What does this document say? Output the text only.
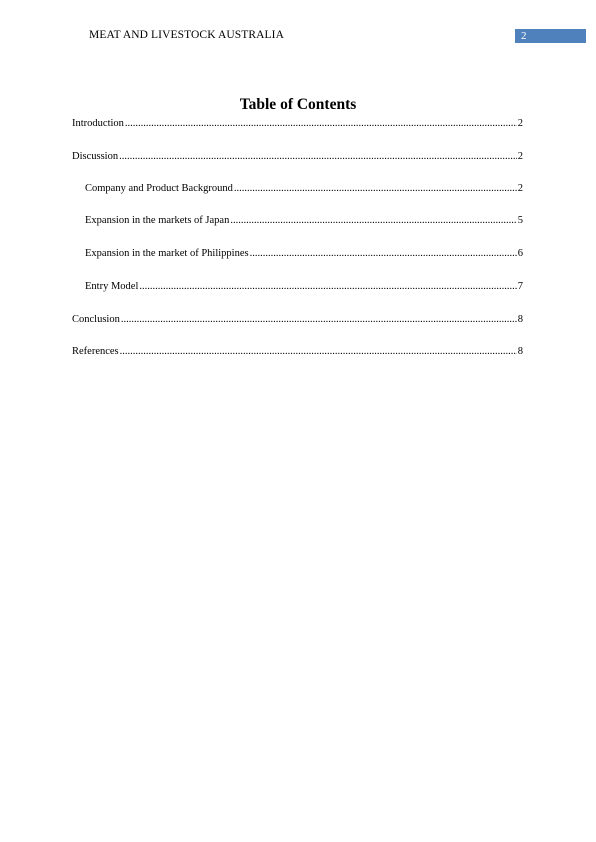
MEAT AND LIVESTOCK AUSTRALIA	2
Table of Contents
Introduction .....	2
Discussion .....	2
Company and Product Background .....	2
Expansion in the markets of Japan .....	5
Expansion in the market of Philippines .....	6
Entry Model .....	7
Conclusion .....	8
References .....	8
